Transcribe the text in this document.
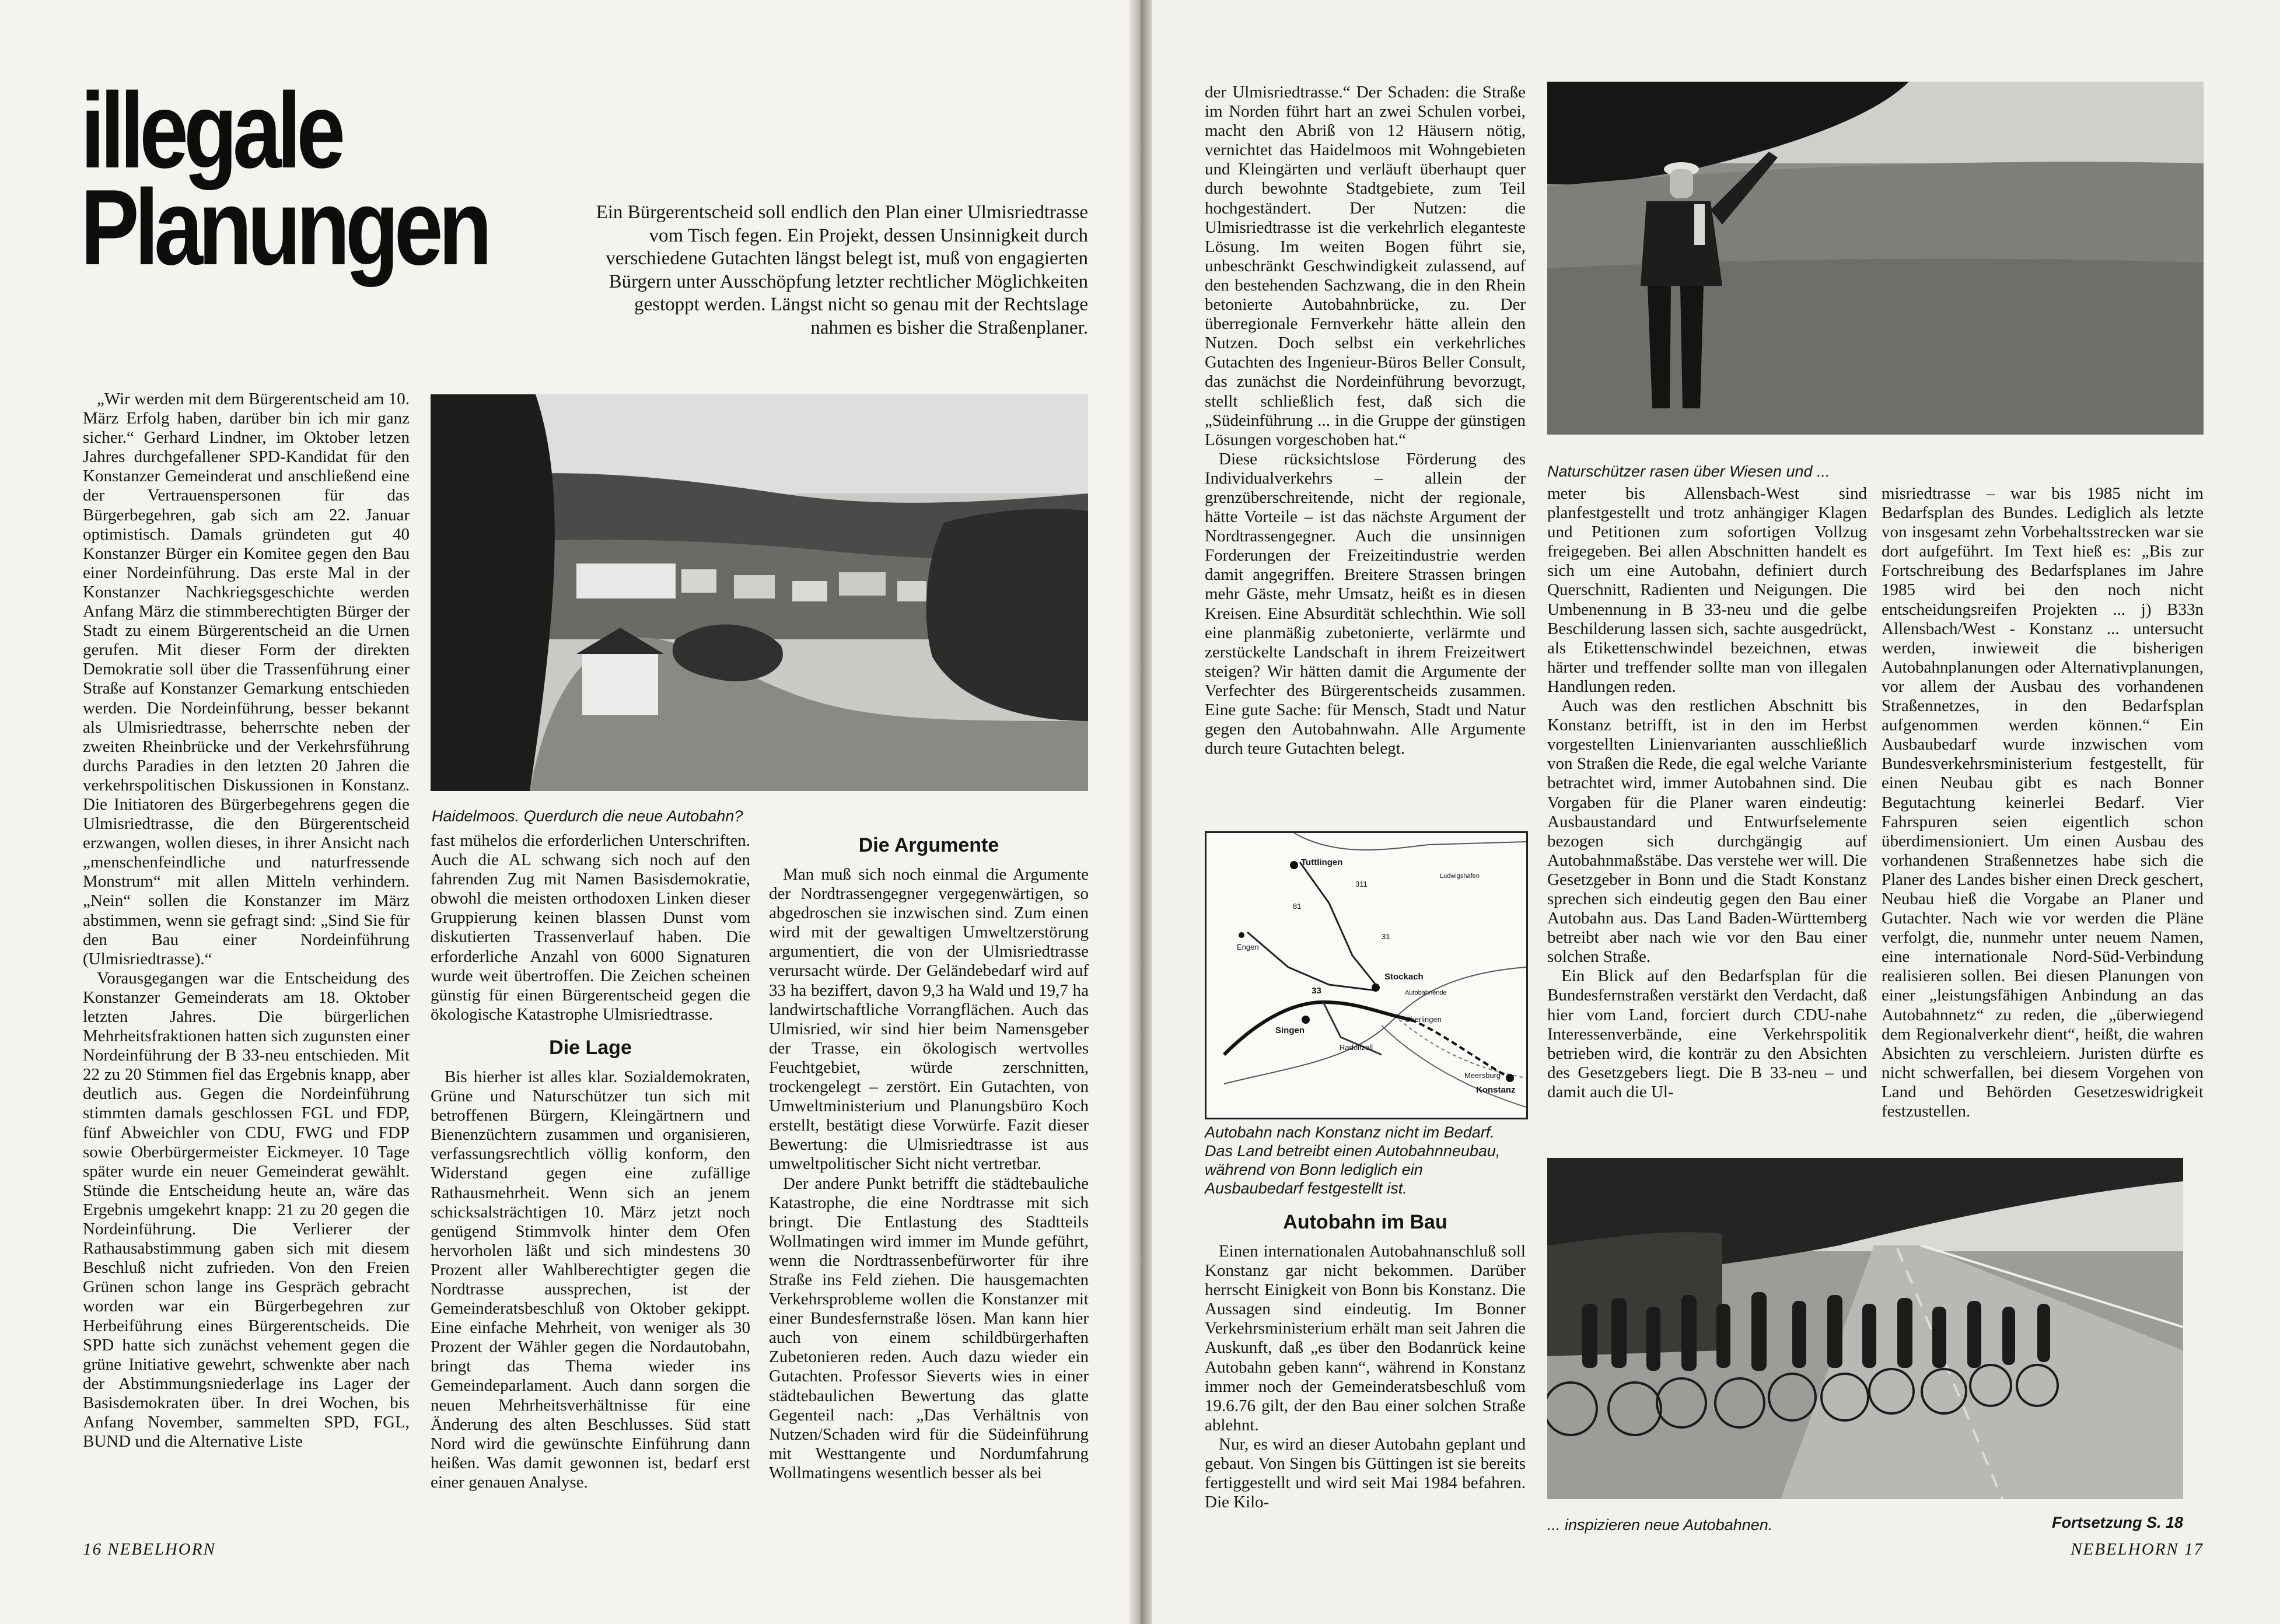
illegale
Planungen	Ein Bürgerentscheid soll endlich den Plan einer Ulmisriedtrasse vom Tisch fegen. Ein Projekt, dessen Unsinnigkeit durch verschiedene Gutachten längst belegt ist, muß von engagierten Bürgern unter Ausschöpfung letzter rechtlicher Möglichkeiten gestoppt werden. Längst nicht so genau mit der Rechtslage nahmen es bisher die Straßenplaner.

„Wir werden mit dem Bürgerentscheid am 10. März Erfolg haben, darüber bin ich mir ganz sicher.“ Gerhard Lindner, im Oktober letzen Jahres durchgefallener SPD-Kandidat für den Konstanzer Gemeinderat und anschließend eine der Vertrauenspersonen für das Bürgerbegehren, gab sich am 22. Januar optimistisch. Damals gründeten gut 40 Konstanzer Bürger ein Komitee gegen den Bau einer Nordeinführung. Das erste Mal in der Konstanzer Nachkriegsgeschichte werden Anfang März die stimmberechtigten Bürger der Stadt zu einem Bürgerentscheid an die Urnen gerufen. Mit dieser Form der direkten Demokratie soll über die Trassenführung einer Straße auf Konstanzer Gemarkung entschieden werden. Die Nordeinführung, besser bekannt als Ulmisriedtrasse, beherrschte neben der zweiten Rheinbrücke und der Verkehrsführung durchs Paradies in den letzten 20 Jahren die verkehrspolitischen Diskussionen in Konstanz. Die Initiatoren des Bürgerbegehrens gegen die Ulmisriedtrasse, die den Bürgerentscheid erzwangen, wollen dieses, in ihrer Ansicht nach „menschenfeindliche und naturfressende Monstrum“ mit allen Mitteln verhindern. „Nein“ sollen die Konstanzer im März abstimmen, wenn sie gefragt sind: „Sind Sie für den Bau einer Nordeinführung (Ulmisriedtrasse).“

Vorausgegangen war die Entscheidung des Konstanzer Gemeinderats am 18. Oktober letzten Jahres. Die bürgerlichen Mehrheitsfraktionen hatten sich zugunsten einer Nordeinführung der B 33-neu entschieden. Mit 22 zu 20 Stimmen fiel das Ergebnis knapp, aber deutlich aus. Gegen die Nordeinführung stimmten damals geschlossen FGL und FDP, fünf Abweichler von CDU, FWG und FDP sowie Oberbürgermeister Eickmeyer. 10 Tage später wurde ein neuer Gemeinderat gewählt. Stünde die Entscheidung heute an, wäre das Ergebnis umgekehrt knapp: 21 zu 20 gegen die Nordeinführung. Die Verlierer der Rathausabstimmung gaben sich mit diesem Beschluß nicht zufrieden. Von den Freien Grünen schon lange ins Gespräch gebracht worden war ein Bürgerbegehren zur Herbeiführung eines Bürgerentscheids. Die SPD hatte sich zunächst vehement gegen die grüne Initiative gewehrt, schwenkte aber nach der Abstimmungsniederlage ins Lager der Basisdemokraten über. In drei Wochen, bis Anfang November, sammelten SPD, FGL, BUND und die Alternative Liste

Haidelmoos. Querdurch die neue Autobahn?

fast mühelos die erforderlichen Unterschriften. Auch die AL schwang sich noch auf den fahrenden Zug mit Namen Basisdemokratie, obwohl die meisten orthodoxen Linken dieser Gruppierung keinen blassen Dunst vom diskutierten Trassenverlauf haben. Die erforderliche Anzahl von 6000 Signaturen wurde weit übertroffen. Die Zeichen scheinen günstig für einen Bürgerentscheid gegen die ökologische Katastrophe Ulmisriedtrasse.

Die Lage

Bis hierher ist alles klar. Sozialdemokraten, Grüne und Naturschützer tun sich mit betroffenen Bürgern, Kleingärtnern und Bienenzüchtern zusammen und organisieren, verfassungsrechtlich völlig konform, den Widerstand gegen eine zufällige Rathausmehrheit. Wenn sich an jenem schicksalsträchtigen 10. März jetzt noch genügend Stimmvolk hinter dem Ofen hervorholen läßt und sich mindestens 30 Prozent aller Wahlberechtigter gegen die Nordtrasse aussprechen, ist der Gemeinderatsbeschluß von Oktober gekippt. Eine einfache Mehrheit, von weniger als 30 Prozent der Wähler gegen die Nordautobahn, bringt das Thema wieder ins Gemeindeparlament. Auch dann sorgen die neuen Mehrheitsverhältnisse für eine Änderung des alten Beschlusses. Süd statt Nord wird die gewünschte Einführung dann heißen. Was damit gewonnen ist, bedarf erst einer genauen Analyse.

Die Argumente

Man muß sich noch einmal die Argumente der Nordtrassengegner vergegenwärtigen, so abgedroschen sie inzwischen sind. Zum einen wird mit der gewaltigen Umweltzerstörung argumentiert, die von der Ulmisriedtrasse verursacht würde. Der Geländebedarf wird auf 33 ha beziffert, davon 9,3 ha Wald und 19,7 ha landwirtschaftliche Vorrangflächen. Auch das Ulmisried, wir sind hier beim Namensgeber der Trasse, ein ökologisch wertvolles Feuchtgebiet, würde zerschnitten, trockengelegt – zerstört. Ein Gutachten, von Umweltministerium und Planungsbüro Koch erstellt, bestätigt diese Vorwürfe. Fazit dieser Bewertung: die Ulmisriedtrasse ist aus umweltpolitischer Sicht nicht vertretbar.

Der andere Punkt betrifft die städtebauliche Katastrophe, die eine Nordtrasse mit sich bringt. Die Entlastung des Stadtteils Wollmatingen wird immer im Munde geführt, wenn die Nordtrassenbefürworter für ihre Straße ins Feld ziehen. Die hausgemachten Verkehrsprobleme wollen die Konstanzer mit einer Bundesfernstraße lösen. Man kann hier auch von einem schildbürgerhaften Zubetonieren reden. Auch dazu wieder ein Gutachten. Professor Sieverts wies in einer städtebaulichen Bewertung das glatte Gegenteil nach: „Das Verhältnis von Nutzen/Schaden wird für die Südeinführung mit Westtangente und Nordumfahrung Wollmatingens wesentlich besser als bei

16 NEBELHORN

der Ulmisriedtrasse.“ Der Schaden: die Straße im Norden führt hart an zwei Schulen vorbei, macht den Abriß von 12 Häusern nötig, vernichtet das Haidelmoos mit Wohngebieten und Kleingärten und verläuft überhaupt quer durch bewohnte Stadtgebiete, zum Teil hochgeständert. Der Nutzen: die Ulmisriedtrasse ist die verkehrlich eleganteste Lösung. Im weiten Bogen führt sie, unbeschränkt Geschwindigkeit zulassend, auf den bestehenden Sachzwang, die in den Rhein betonierte Autobahnbrücke, zu. Der überregionale Fernverkehr hätte allein den Nutzen. Doch selbst ein verkehrliches Gutachten des Ingenieur-Büros Beller Consult, das zunächst die Nordeinführung bevorzugt, stellt schließlich fest, daß sich die „Südeinführung ... in die Gruppe der günstigen Lösungen vorgeschoben hat.“

Diese rücksichtslose Förderung des Individualverkehrs – allein der grenzüberschreitende, nicht der regionale, hätte Vorteile – ist das nächste Argument der Nordtrassengegner. Auch die unsinnigen Forderungen der Freizeitindustrie werden damit angegriffen. Breitere Strassen bringen mehr Gäste, mehr Umsatz, heißt es in diesen Kreisen. Eine Absurdität schlechthin. Wie soll eine planmäßig zubetonierte, verlärmte und zerstückelte Landschaft in ihrem Freizeitwert steigen? Wir hätten damit die Argumente der Verfechter des Bürgerentscheids zusammen. Eine gute Sache: für Mensch, Stadt und Natur gegen den Autobahnwahn. Alle Argumente durch teure Gutachten belegt.

Tuttlingen
Stockach
Singen
Radolfzell
Konstanz
Überlingen
Meersburg
Engen
Autobahnende
Ludwigshafen
31
33
311
81
Autobahn nach Konstanz nicht im Bedarf. Das Land betreibt einen Autobahnneubau, während von Bonn lediglich ein Ausbaubedarf festgestellt ist.
Autobahn im Bau

Einen internationalen Autobahnanschluß soll Konstanz gar nicht bekommen. Darüber herrscht Einigkeit von Bonn bis Konstanz. Die Aussagen sind eindeutig. Im Bonner Verkehrsministerium erhält man seit Jahren die Auskunft, daß „es über den Bodanrück keine Autobahn geben kann“, während in Konstanz immer noch der Gemeinderatsbeschluß vom 19.6.76 gilt, der den Bau einer solchen Straße ablehnt.

Nur, es wird an dieser Autobahn geplant und gebaut. Von Singen bis Güttingen ist sie bereits fertiggestellt und wird seit Mai 1984 befahren. Die Kilo-

Naturschützer rasen über Wiesen und ...

meter bis Allensbach-West sind planfestgestellt und trotz anhängiger Klagen und Petitionen zum sofortigen Vollzug freigegeben. Bei allen Abschnitten handelt es sich um eine Autobahn, definiert durch Querschnitt, Radienten und Neigungen. Die Umbenennung in B 33-neu und die gelbe Beschilderung lassen sich, sachte ausgedrückt, als Etikettenschwindel bezeichnen, etwas härter und treffender sollte man von illegalen Handlungen reden.

Auch was den restlichen Abschnitt bis Konstanz betrifft, ist in den im Herbst vorgestellten Linienvarianten ausschließlich von Straßen die Rede, die egal welche Variante betrachtet wird, immer Autobahnen sind. Die Vorgaben für die Planer waren eindeutig: Ausbaustandard und Entwurfselemente bezogen sich durchgängig auf Autobahnmaßstäbe. Das verstehe wer will. Die Gesetzgeber in Bonn und die Stadt Konstanz sprechen sich eindeutig gegen den Bau einer Autobahn aus. Das Land Baden-Württemberg betreibt aber nach wie vor den Bau einer solchen Straße.

Ein Blick auf den Bedarfsplan für die Bundesfernstraßen verstärkt den Verdacht, daß hier vom Land, forciert durch CDU-nahe Interessenverbände, eine Verkehrspolitik betrieben wird, die konträr zu den Absichten des Gesetzgebers liegt. Die B 33-neu – und damit auch die Ul-

misriedtrasse – war bis 1985 nicht im Bedarfsplan des Bundes. Lediglich als letzte von insgesamt zehn Vorbehaltsstrecken war sie dort aufgeführt. Im Text hieß es: „Bis zur Fortschreibung des Bedarfsplanes im Jahre 1985 wird bei den noch nicht entscheidungsreifen Projekten ... j) B33n Allensbach/West - Konstanz ... untersucht werden, inwieweit die bisherigen Autobahnplanungen oder Alternativplanungen, vor allem der Ausbau des vorhandenen Straßennetzes, in den Bedarfsplan aufgenommen werden können.“ Ein Ausbaubedarf wurde inzwischen vom Bundesverkehrsministerium festgestellt, für einen Neubau gibt es nach Bonner Begutachtung keinerlei Bedarf. Vier Fahrspuren seien eigentlich schon überdimensioniert. Um einen Ausbau des vorhandenen Straßennetzes habe sich die Planer des Landes bisher einen Dreck geschert, Neubau hieß die Vorgabe an Planer und Gutachter. Nach wie vor werden die Pläne verfolgt, die, nunmehr unter neuem Namen, eine internationale Nord-Süd-Verbindung realisieren sollen. Bei diesen Planungen von einer „leistungsfähigen Anbindung an das Autobahnnetz“ zu reden, die „überwiegend dem Regionalverkehr dient“, heißt, die wahren Absichten zu verschleiern. Juristen dürfte es nicht schwerfallen, bei diesem Vorgehen von Land und Behörden Gesetzeswidrigkeit festzustellen.

... inspizieren neue Autobahnen.	Fortsetzung S. 18
NEBELHORN 17
